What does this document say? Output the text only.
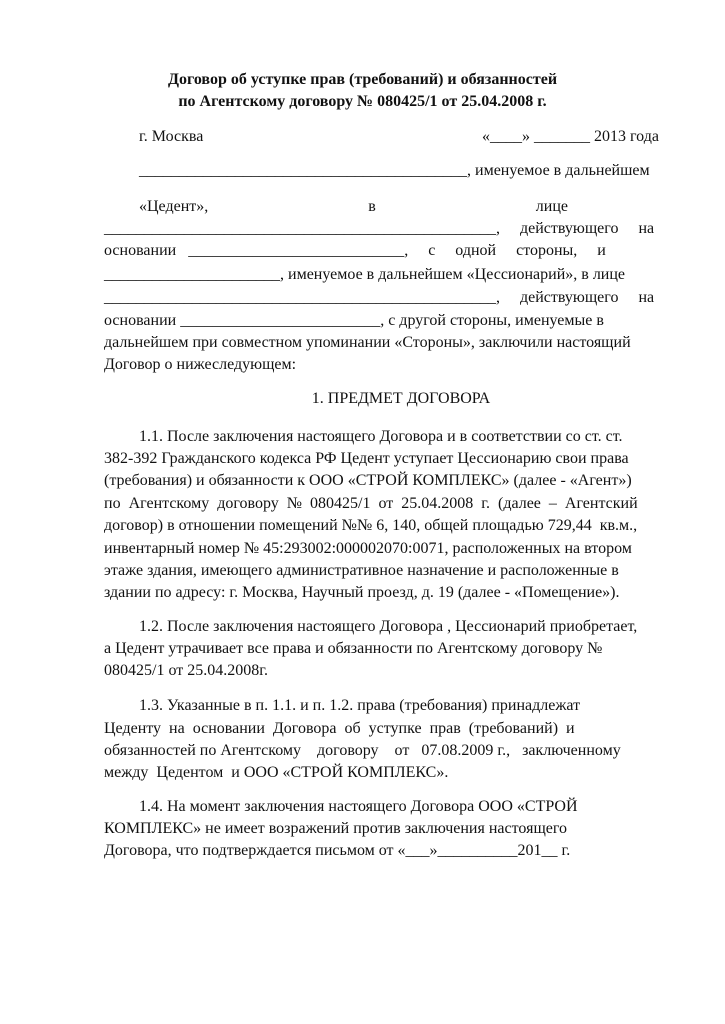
Договор об уступке прав (требований) и обязанностей
по Агентскому договору № 080425/1 от 25.04.2008 г.
г. Москва	«____» _______ 2013 года
_________________________________________, именуемое в дальнейшем
«Цедент»,                                        в                                        лице
_________________________________________________,     действующего     на
основании   ___________________________,     с     одной     стороны,     и
______________________, именуемое в дальнейшем «Цессионарий», в лице
_________________________________________________,     действующего     на
основании _________________________, с другой стороны, именуемые в
дальнейшем при совместном упоминании «Стороны», заключили настоящий
Договор о нижеследующем:
1. ПРЕДМЕТ ДОГОВОРА
1.1. После заключения настоящего Договора и в соответствии со ст. ст.
382-392 Гражданского кодекса РФ Цедент уступает Цессионарию свои права
(требования) и обязанности к ООО «СТРОЙ КОМПЛЕКС» (далее - «Агент»)
по  Агентскому  договору  №  080425/1  от  25.04.2008  г.  (далее  –  Агентский
договор) в отношении помещений №№ 6, 140, общей площадью 729,44  кв.м.,
инвентарный номер № 45:293002:000002070:0071, расположенных на втором
этаже здания, имеющего административное назначение и расположенные в
здании по адресу: г. Москва, Научный проезд, д. 19 (далее - «Помещение»).
1.2. После заключения настоящего Договора , Цессионарий приобретает,
а Цедент утрачивает все права и обязанности по Агентскому договору №
080425/1 от 25.04.2008г.
1.3. Указанные в п. 1.1. и п. 1.2. права (требования) принадлежат
Цеденту  на  основании  Договора  об  уступке  прав  (требований)  и
обязанностей по Агентскому    договору    от   07.08.2009 г.,   заключенному
между  Цедентом  и ООО «СТРОЙ КОМПЛЕКС».
1.4. На момент заключения настоящего Договора ООО «СТРОЙ
КОМПЛЕКС» не имеет возражений против заключения настоящего
Договора, что подтверждается письмом от «___»__________201__ г.
